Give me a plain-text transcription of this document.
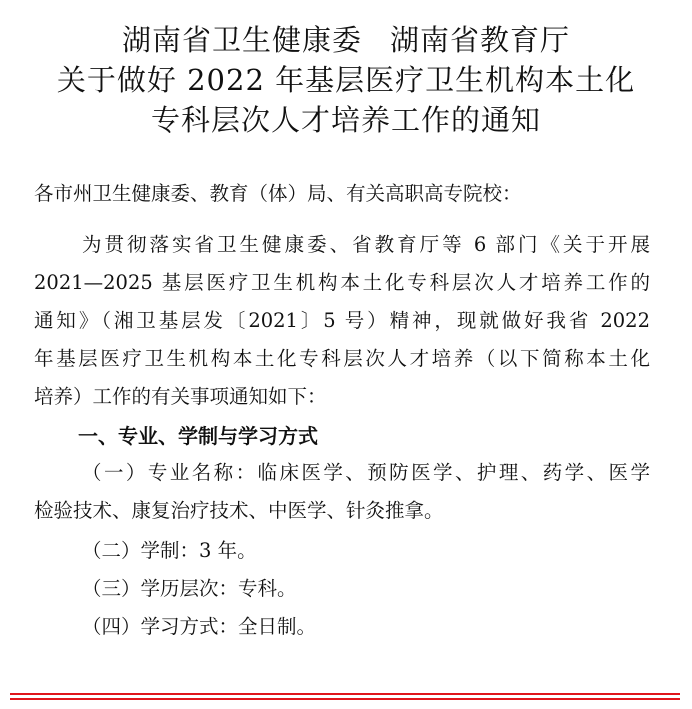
湖南省卫生健康委 湖南省教育厅
关于做好 2022 年基层医疗卫生机构本土化
专科层次人才培养工作的通知
各市州卫生健康委、教育（体）局、有关高职高专院校：
为贯彻落实省卫生健康委、省教育厅等 6 部门《关于开展
2021—2025 基层医疗卫生机构本土化专科层次人才培养工作的
通知》（湘卫基层发〔2021〕5 号）精神，现就做好我省 2022
年基层医疗卫生机构本土化专科层次人才培养（以下简称本土化
培养）工作的有关事项通知如下：
一、专业、学制与学习方式
（一）专业名称：临床医学、预防医学、护理、药学、医学
检验技术、康复治疗技术、中医学、针灸推拿。
（二）学制：3 年。
（三）学历层次：专科。
（四）学习方式：全日制。
